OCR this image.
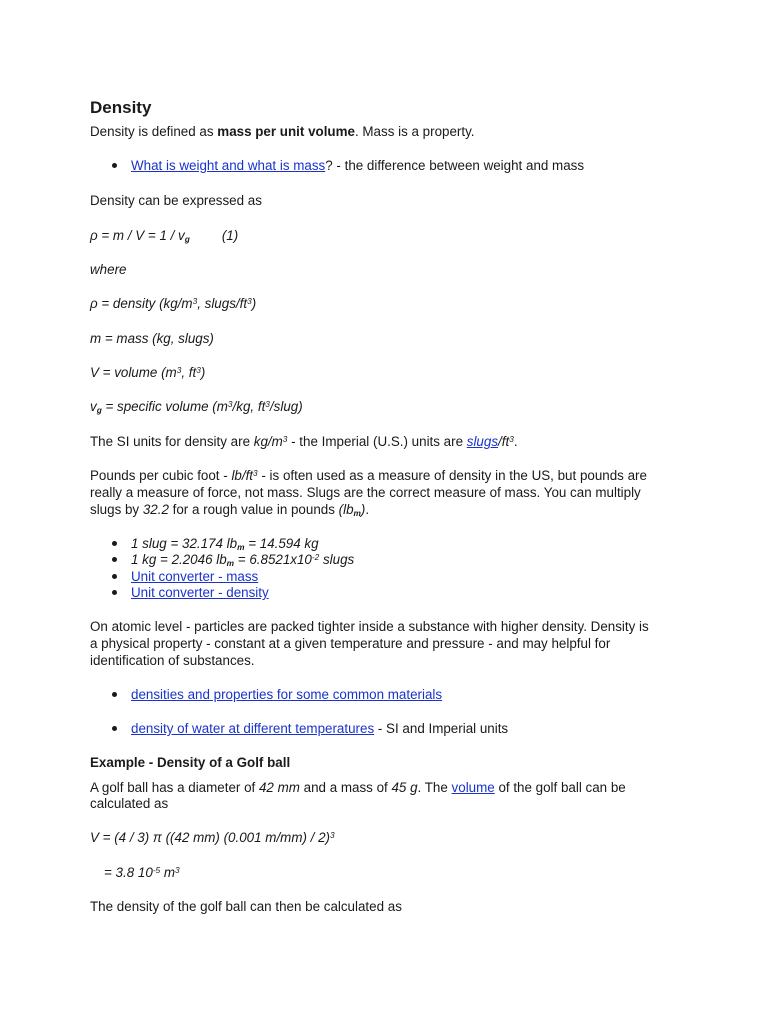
Density
Density is defined as mass per unit volume. Mass is a property.
What is weight and what is mass? - the difference between weight and mass
Density can be expressed as
$\rho = m / V = 1 / v_g$ (1)
where
ρ = density ($kg/m^3$, slugs/$ft^3$)
m = mass (kg, slugs)
V = volume ($m^3$, $ft^3$)
$v_g$ = specific volume ($m^3/kg$, $ft^3/slug$)
The SI units for density are $kg/m^3$ - the Imperial (U.S.) units are slugs/$ft^3$.
Pounds per cubic foot - $lb/ft^3$ - is often used as a measure of density in the US, but pounds are
really a measure of force, not mass. Slugs are the correct measure of mass. You can multiply
slugs by 32.2 for a rough value in pounds $(lb_m)$.
1 slug = 32.174 $lb_m = 14.594$ kg
1 kg = 2.2046 $lb_m = 6.8521x10^{-2}$ slugs
Unit converter - mass
Unit converter - density
On atomic level - particles are packed tighter inside a substance with higher density. Density is
a physical property - constant at a given temperature and pressure - and may helpful for
identification of substances.
densities and properties for some common materials
density of water at different temperatures - SI and Imperial units
Example - Density of a Golf ball
A golf ball has a diameter of 42 mm and a mass of 45 g. The volume of the golf ball can be
calculated as
V = (4 / 3) π ((42 mm) (0.001 m/mm) / 2)$^3$
= 3.8 $10^{-5}$ $m^3$
The density of the golf ball can then be calculated as
